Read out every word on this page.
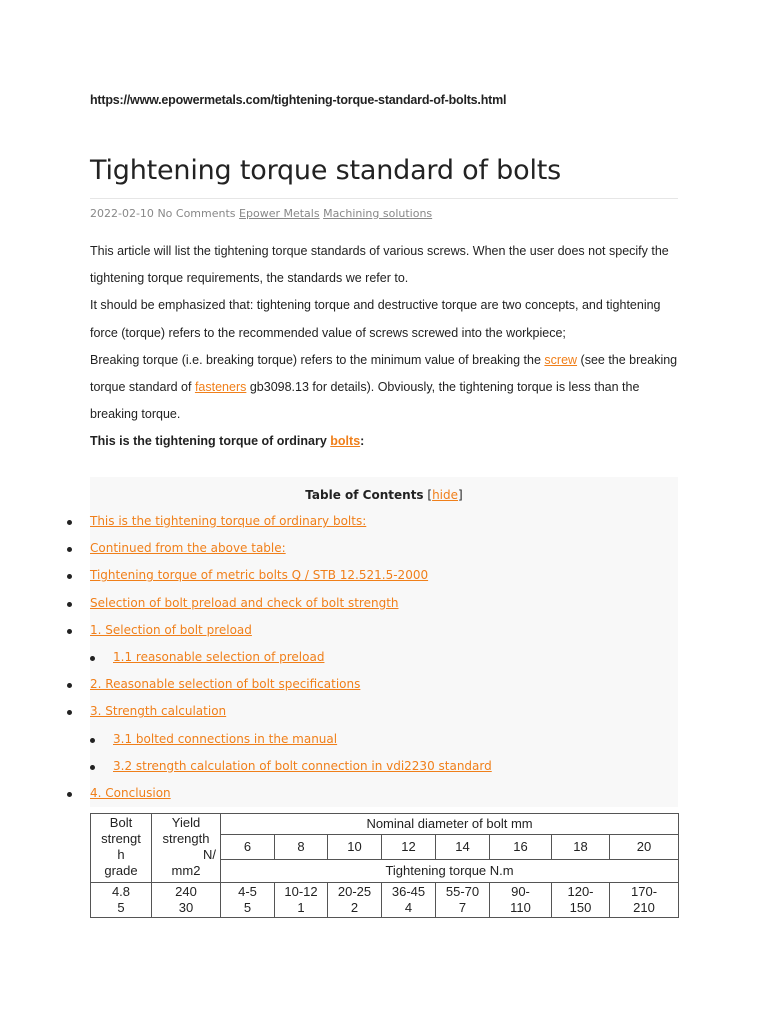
https://www.epowermetals.com/tightening-torque-standard-of-bolts.html
Tightening torque standard of bolts
2022-02-10 No Comments Epower Metals Machining solutions

This article will list the tightening torque standards of various screws. When the user does not specify the tightening torque requirements, the standards we refer to.

It should be emphasized that: tightening torque and destructive torque are two concepts, and tightening force (torque) refers to the recommended value of screws screwed into the workpiece;

Breaking torque (i.e. breaking torque) refers to the minimum value of breaking the screw (see the breaking torque standard of fasteners gb3098.13 for details). Obviously, the tightening torque is less than the breaking torque.

This is the tightening torque of ordinary bolts:

Table of Contents [hide]
This is the tightening torque of ordinary bolts:
Continued from the above table:
Tightening torque of metric bolts Q / STB 12.521.5-2000
Selection of bolt preload and check of bolt strength
1. Selection of bolt preload
1.1 reasonable selection of preload
2. Reasonable selection of bolt specifications
3. Strength calculation
3.1 bolted connections in the manual
3.2 strength calculation of bolt connection in vdi2230 standard
4. Conclusion
Bolt
strengt
h
grade	Yield
strength
N/
mm2	Nominal diameter of bolt mm							
		6	8	10	12	14	16	18	20
		Tightening torque N.m							

4.8
5	240
30	4-5
5	10-12
1	20-25
2	36-45
4	55-70
7	90-
110	120-
150	170-
210
